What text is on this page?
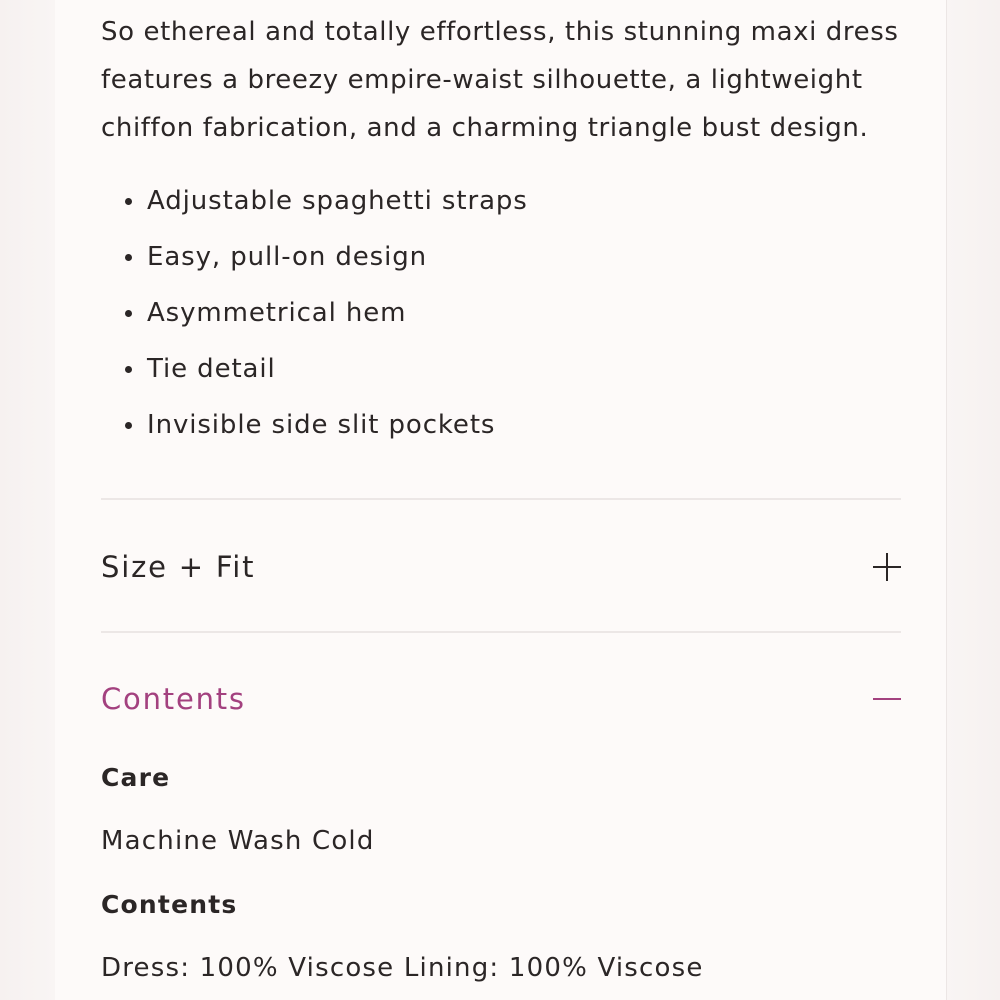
So ethereal and totally effortless, this stunning maxi dress features a breezy empire-waist silhouette, a lightweight chiffon fabrication, and a charming triangle bust design.

Adjustable spaghetti straps
Easy, pull-on design
Asymmetrical hem
Tie detail
Invisible side slit pockets
Size + Fit
Contents
Care
Machine Wash Cold
Contents
Dress: 100% Viscose Lining: 100% Viscose
